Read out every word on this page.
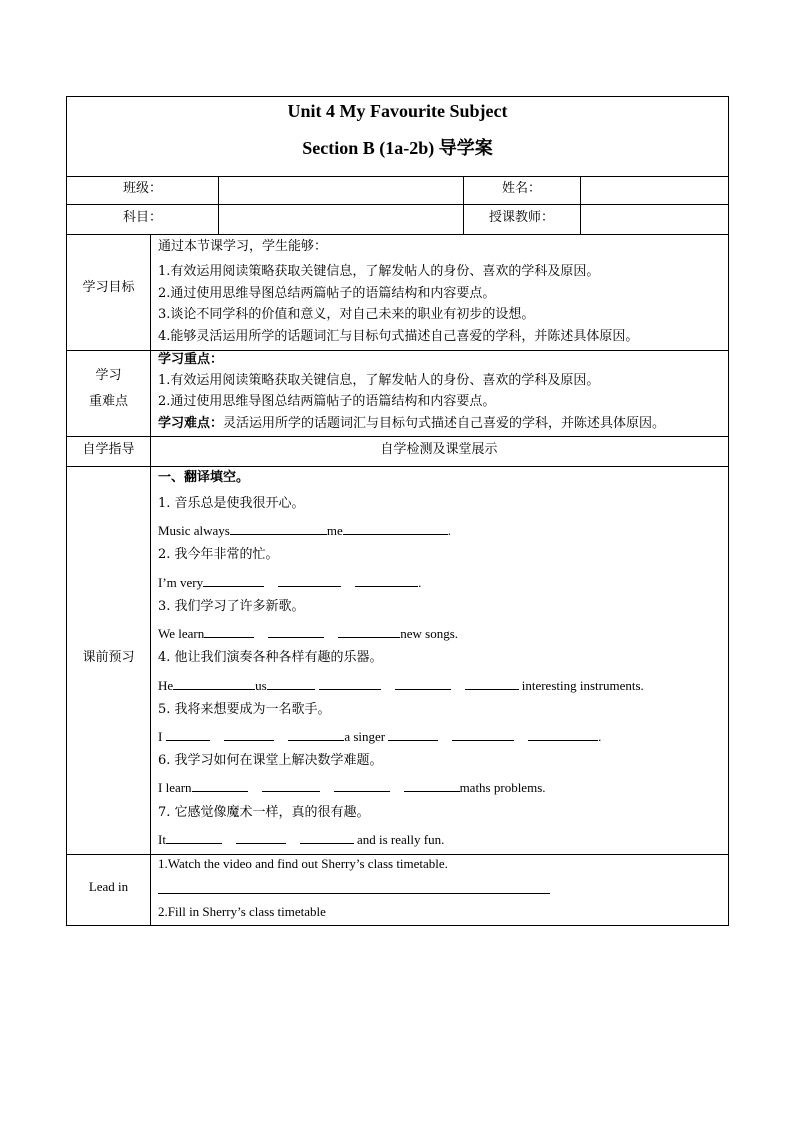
Unit 4 My Favourite Subject
Section B (1a-2b) 导学案
班级：	姓名：
科目：	授课教师：
学习目标
通过本节课学习，学生能够：
1.有效运用阅读策略获取关键信息，了解发帖人的身份、喜欢的学科及原因。
2.通过使用思维导图总结两篇帖子的语篇结构和内容要点。
3.谈论不同学科的价值和意义，对自己未来的职业有初步的设想。
4.能够灵活运用所学的话题词汇与目标句式描述自己喜爱的学科，并陈述具体原因。
学习
重难点
学习重点：
1.有效运用阅读策略获取关键信息，了解发帖人的身份、喜欢的学科及原因。
2.通过使用思维导图总结两篇帖子的语篇结构和内容要点。
学习难点：灵活运用所学的话题词汇与目标句式描述自己喜爱的学科，并陈述具体原因。
自学指导	自学检测及课堂展示
课前预习
一、翻译填空。
1. 音乐总是使我很开心。
Music always	me	.
2. 我今年非常的忙。
I’m very	.
3. 我们学习了许多新歌。
We learn	new songs.
4. 他让我们演奏各种各样有趣的乐器。
He	us	interesting instruments.
5. 我将来想要成为一名歌手。
I	a singer	.
6. 我学习如何在课堂上解决数学难题。
I learn	maths problems.
7. 它感觉像魔术一样，真的很有趣。
It	and is really fun.
Lead in
1.Watch the video and find out Sherry’s class timetable.
2.Fill in Sherry’s class timetable
